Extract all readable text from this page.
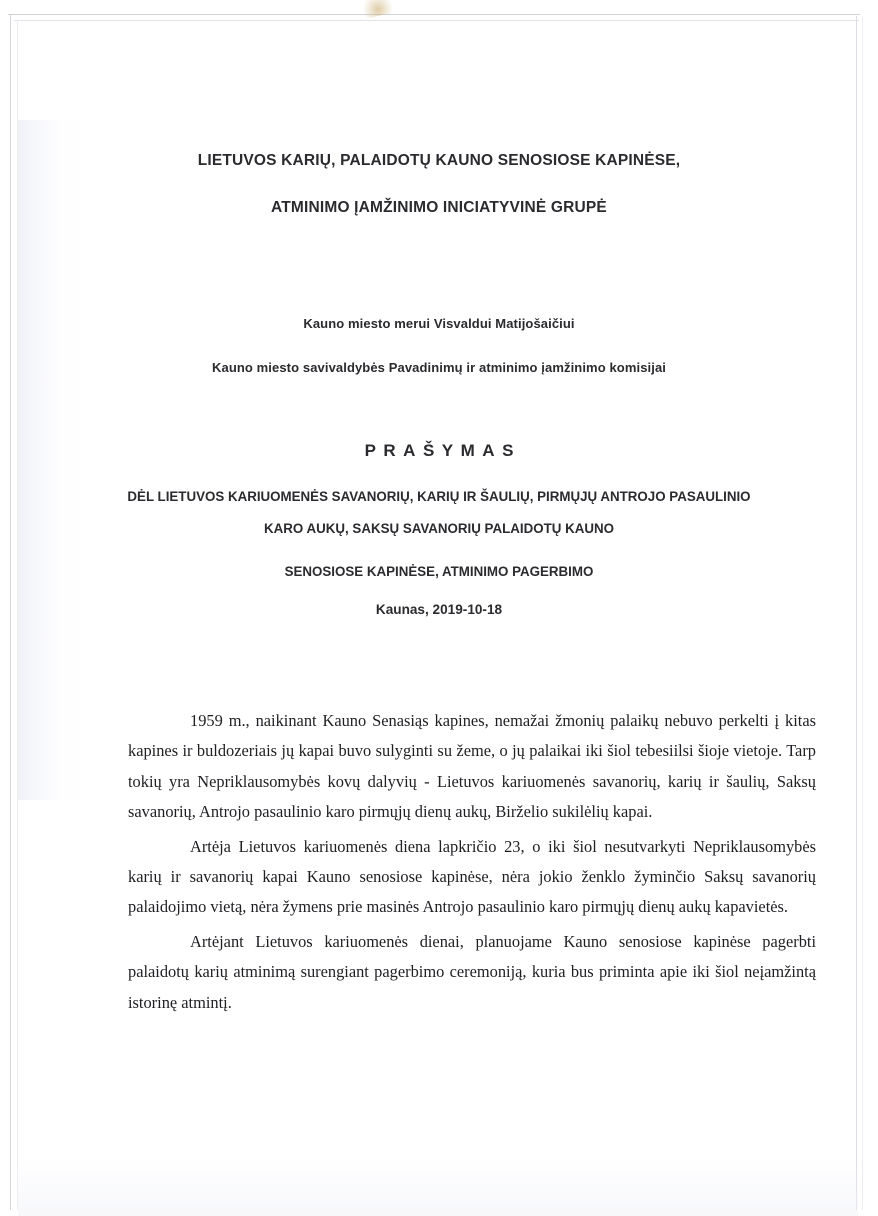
LIETUVOS KARIŲ, PALAIDOTŲ KAUNO SENOSIOSE KAPINĖSE,
ATMINIMO ĮAMŽINIMO INICIATYVINĖ GRUPĖ
Kauno miesto merui Visvaldui Matijošaičiui
Kauno miesto savivaldybės Pavadinimų ir atminimo įamžinimo komisijai
PRAŠYMAS
DĖL LIETUVOS KARIUOMENĖS SAVANORIŲ, KARIŲ IR ŠAULIŲ, PIRMŲJŲ ANTROJO PASAULINIO
KARO AUKŲ, SAKSŲ SAVANORIŲ PALAIDOTŲ KAUNO
SENOSIOSE KAPINĖSE, ATMINIMO PAGERBIMO
Kaunas, 2019-10-18

1959 m., naikinant Kauno Senasiąs kapines, nemažai žmonių palaikų nebuvo perkelti į kitas kapines ir buldozeriais jų kapai buvo sulyginti su žeme, o jų palaikai iki šiol tebesiilsi šioje vietoje. Tarp tokių yra Nepriklausomybės kovų dalyvių - Lietuvos kariuomenės savanorių, karių ir šaulių, Saksų savanorių, Antrojo pasaulinio karo pirmųjų dienų aukų, Birželio sukilėlių kapai.

Artėja Lietuvos kariuomenės diena lapkričio 23, o iki šiol nesutvarkyti Nepriklausomybės karių ir savanorių kapai Kauno senosiose kapinėse, nėra jokio ženklo žyminčio Saksų savanorių palaidojimo vietą, nėra žymens prie masinės Antrojo pasaulinio karo pirmųjų dienų aukų kapavietės.

Artėjant Lietuvos kariuomenės dienai, planuojame Kauno senosiose kapinėse pagerbti palaidotų karių atminimą surengiant pagerbimo ceremoniją, kuria bus priminta apie iki šiol neįamžintą istorinę atmintį.
